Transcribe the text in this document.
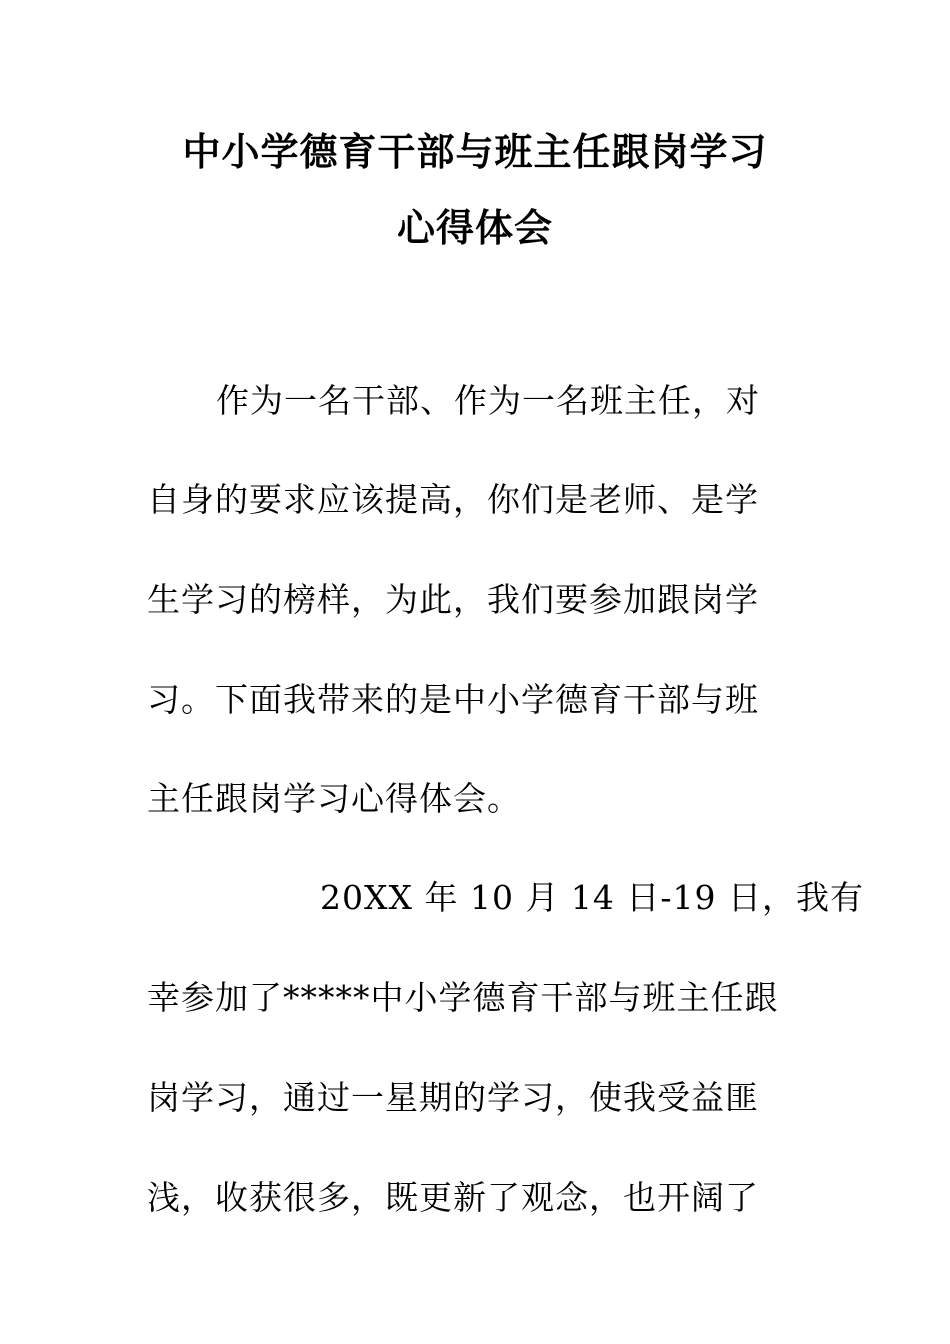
中小学德育干部与班主任跟岗学习
心得体会
作为一名干部、作为一名班主任，对
自身的要求应该提高，你们是老师、是学
生学习的榜样，为此，我们要参加跟岗学
习。下面我带来的是中小学德育干部与班
主任跟岗学习心得体会。
20XX 年 10 月 14 日-19 日，我有
幸参加了*****中小学德育干部与班主任跟
岗学习，通过一星期的学习，使我受益匪
浅，收获很多，既更新了观念，也开阔了
